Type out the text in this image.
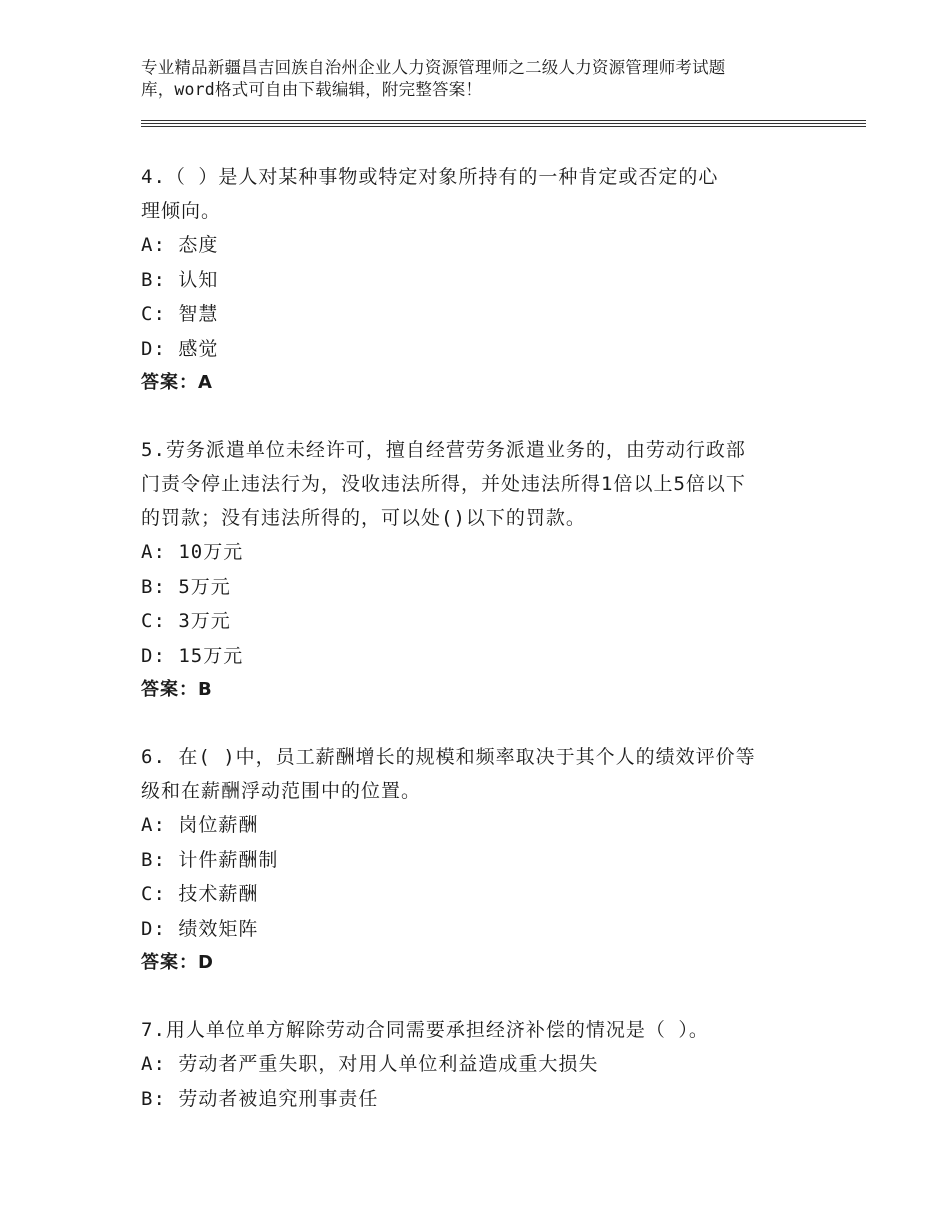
专业精品新疆昌吉回族自治州企业人力资源管理师之二级人力资源管理师考试题
库，word格式可自由下载编辑，附完整答案！

4.（ ）是人对某种事物或特定对象所持有的一种肯定或否定的心

理倾向。

A: 态度

B: 认知

C: 智慧

D: 感觉

答案：A

5.劳务派遣单位未经许可，擅自经营劳务派遣业务的，由劳动行政部

门责令停止违法行为，没收违法所得，并处违法所得1倍以上5倍以下

的罚款；没有违法所得的，可以处()以下的罚款。

A: 10万元

B: 5万元

C: 3万元

D: 15万元

答案：B

6. 在( )中，员工薪酬增长的规模和频率取决于其个人的绩效评价等

级和在薪酬浮动范围中的位置。

A: 岗位薪酬

B: 计件薪酬制

C: 技术薪酬

D: 绩效矩阵

答案：D

7.用人单位单方解除劳动合同需要承担经济补偿的情况是（ ）。

A: 劳动者严重失职，对用人单位利益造成重大损失

B: 劳动者被追究刑事责任
